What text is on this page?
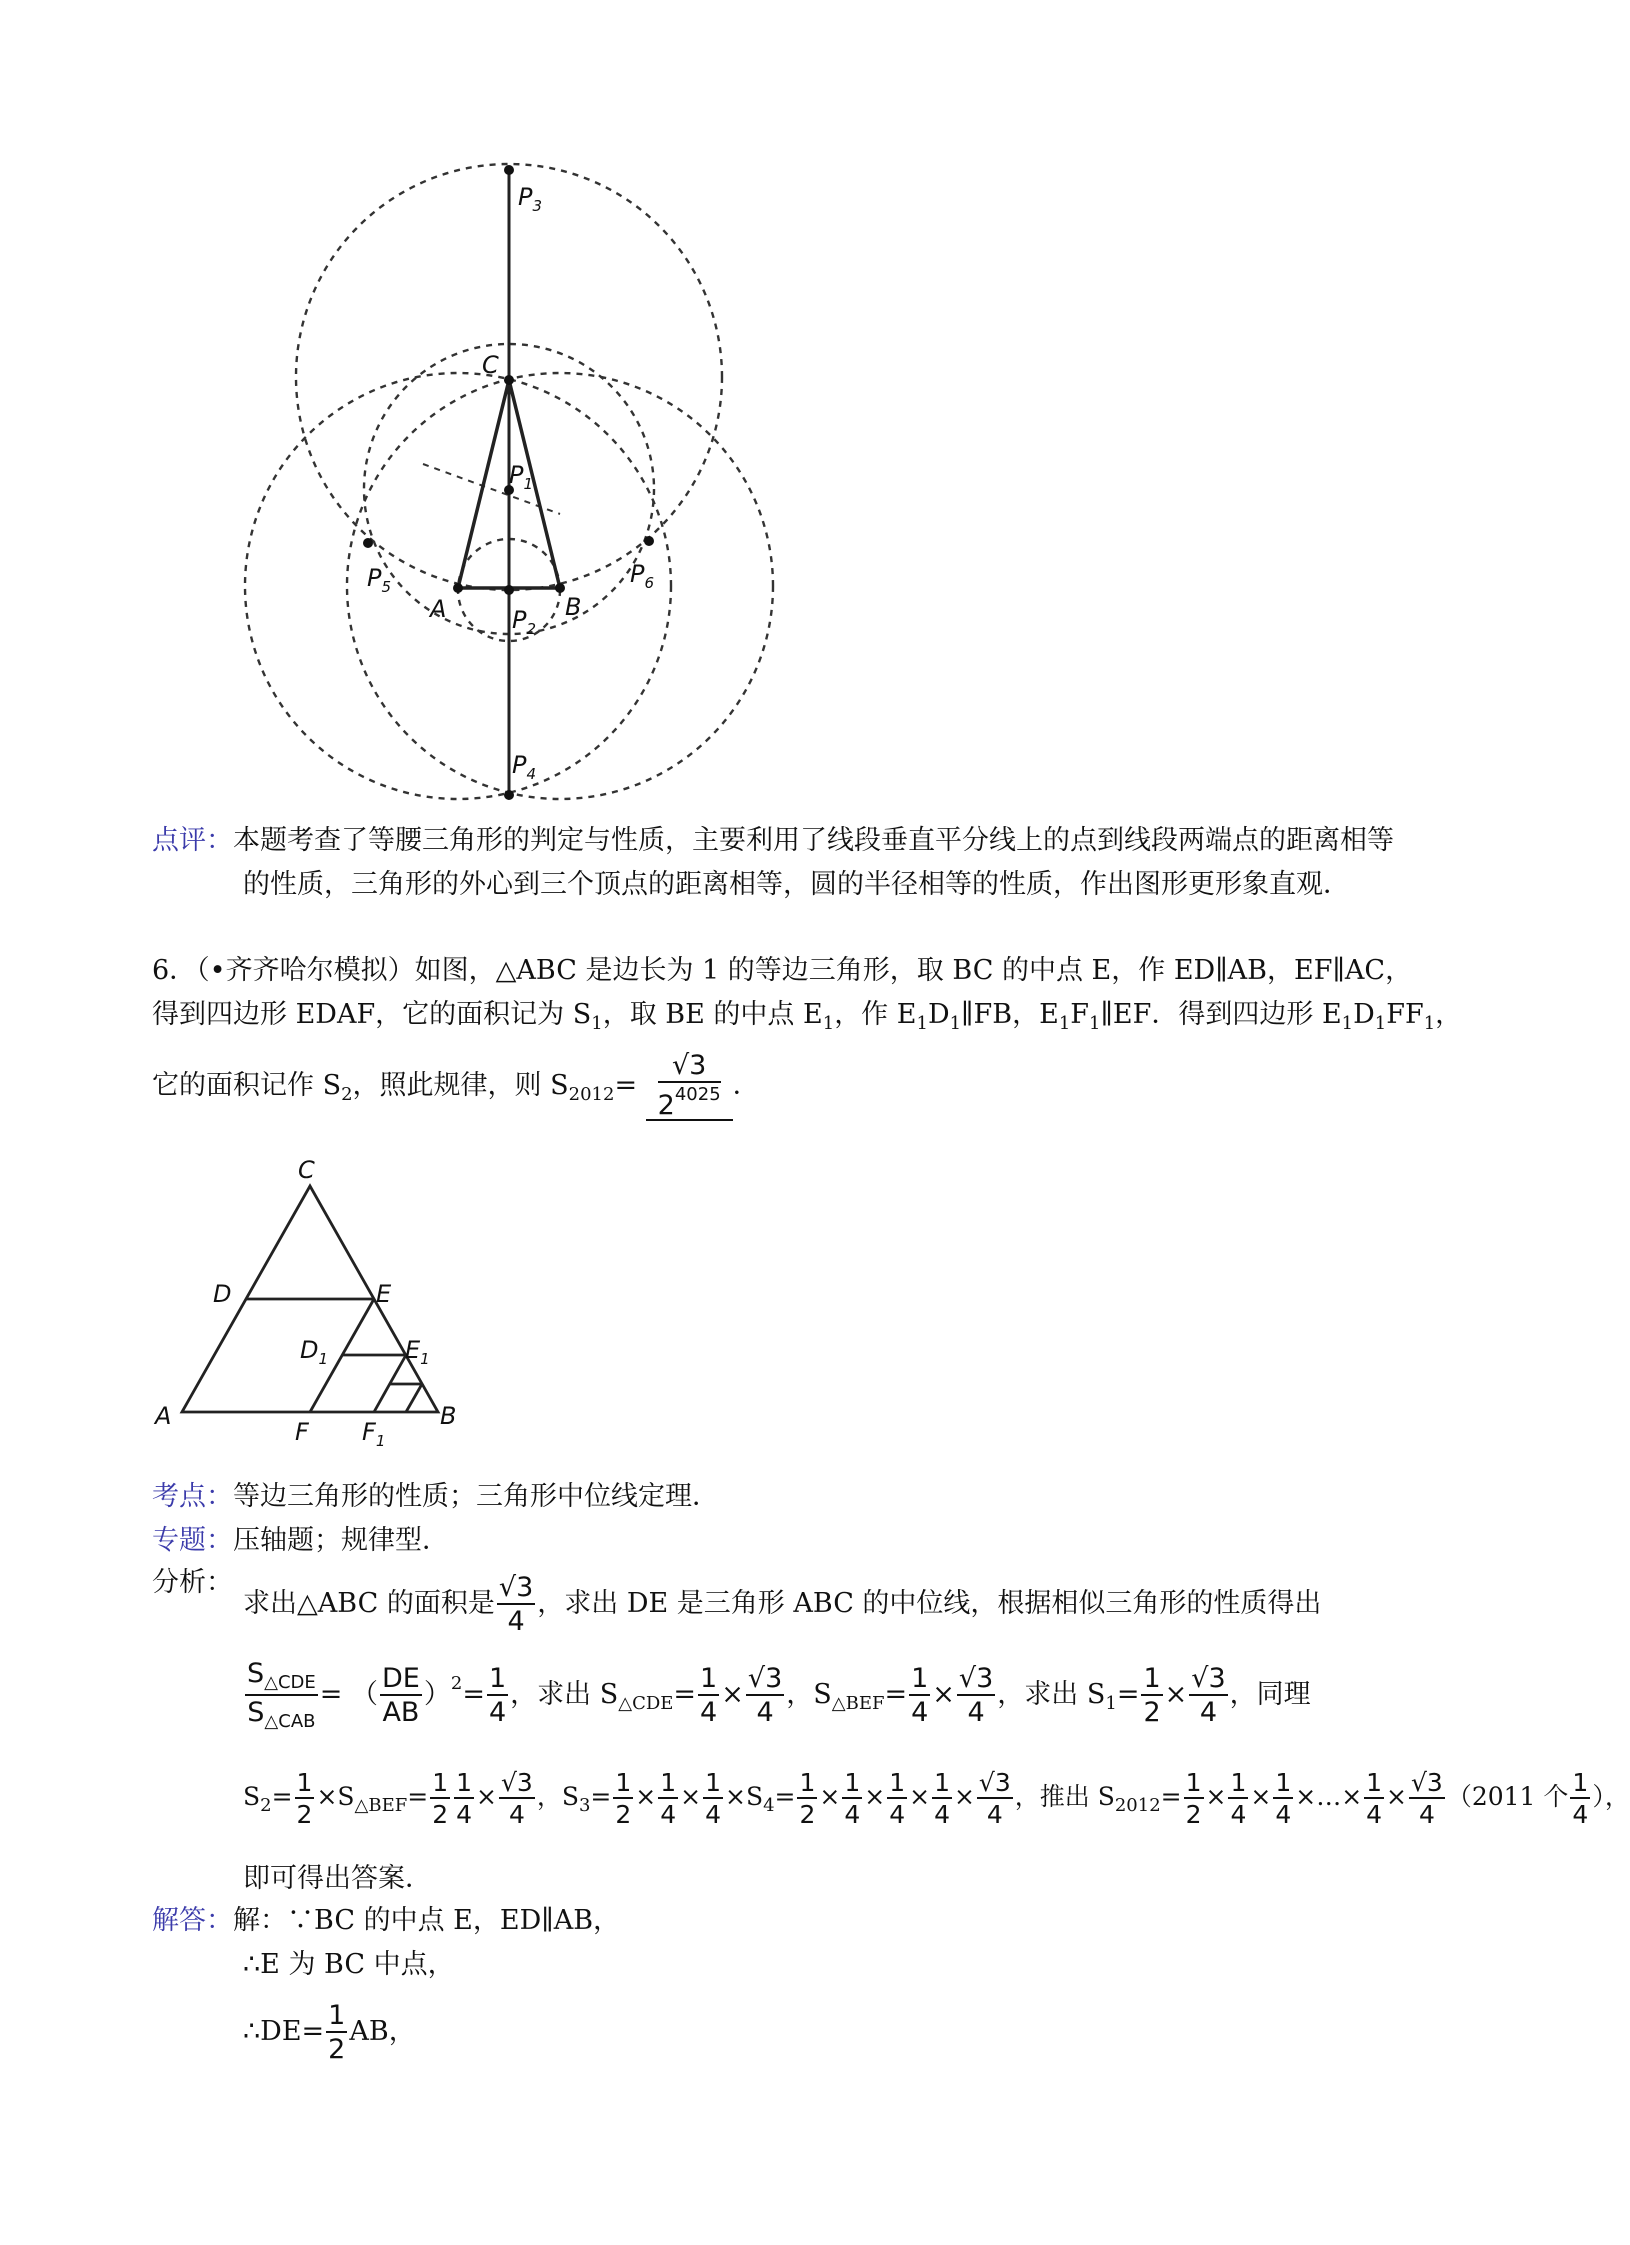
$P_3$
C
$P_1$
$P_5$	$P_6$
A	B
$P_2$
$P_4$
点评：本题考查了等腰三角形的判定与性质，主要利用了线段垂直平分线上的点到线段两端点的距离相等
的性质，三角形的外心到三个顶点的距离相等，圆的半径相等的性质，作出图形更形象直观．
6．（•齐齐哈尔模拟）如图，△ABC 是边长为 1 的等边三角形，取 BC 的中点 E，作 ED∥AB，EF∥AC，
得到四边形 EDAF，它的面积记为 $S_1$，取 BE 的中点 $E_1$，作 $E_1D_1\parallel FB$，$E_1F_1\parallel EF$．得到四边形 $E_1D_1FF_1$，
它的面积记作 $S_2$，照此规律，则 $S_{2012}= \frac{√3}{2^{4025}}$ ．
C
D	E
$D_1$	$E_1$
A
F $F_1$
B
考点：等边三角形的性质；三角形中位线定理．
专题：压轴题；规律型．
分析：
求出△ABC 的面积是 $\frac{√3}{4}$ ，求出 DE 是三角形 ABC 的中位线，根据相似三角形的性质得出
$\frac{S_{\triangle CDE}}{S_{\triangle CAB}}$ = （ $\frac{DE}{AB} )^2= \frac{1}{4}$ ，求出 $S_{\triangle CDE}= \frac{1}{4} \times \frac{√3}{4}$ ，$S_{\triangle BEF}= \frac{1}{4} \times \frac{√3}{4}$ ，求出 $S_1= \frac{1}{2} \times \frac{√3}{4}$ ，同理
$S_2= \frac{1}{2} \times S_{\triangle BEF}= \frac{1}{2} \frac{1}{4} \times \frac{√3}{4}$ ，$S_3= \frac{1}{2} \times \frac{1}{4} \times \frac{1}{4} \times S_4= \frac{1}{2} \times \frac{1}{4} \times \frac{1}{4} \times \frac{1}{4} \times \frac{√3}{4}$ ，推出 $S_{2012}= \frac{1}{2} \times \frac{1}{4} \times \frac{1}{4}$ ×…× $\frac{1}{4} \times \frac{√3}{4} (2011$ 个 $\frac{1}{4}$ ），
即可得出答案．
解答：解：∵BC 的中点 E，ED∥AB，
∴E 为 BC 中点，
∴DE= $\frac{1}{2}$ AB，
